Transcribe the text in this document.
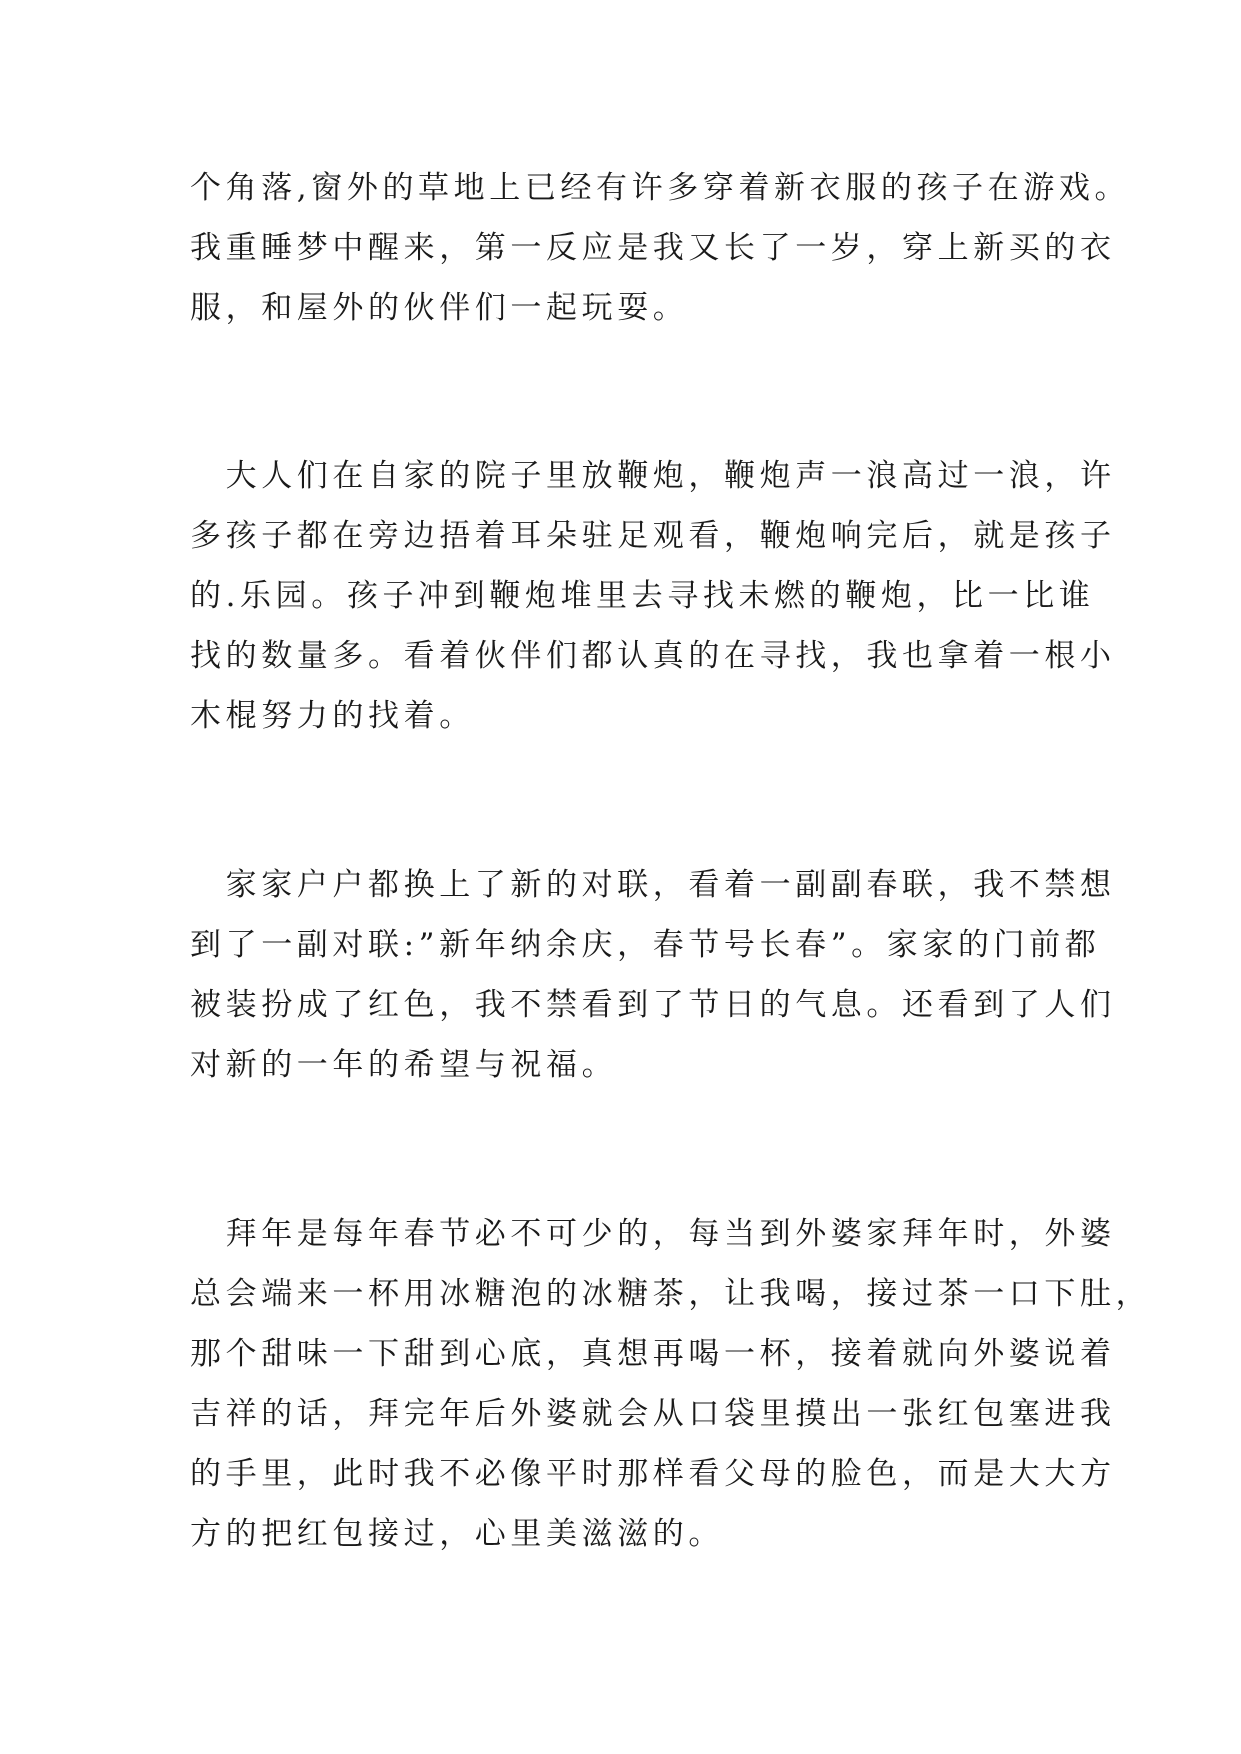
个角落,窗外的草地上已经有许多穿着新衣服的孩子在游戏。
我重睡梦中醒来，第一反应是我又长了一岁，穿上新买的衣
服，和屋外的伙伴们一起玩耍。
　大人们在自家的院子里放鞭炮，鞭炮声一浪高过一浪，许
多孩子都在旁边捂着耳朵驻足观看，鞭炮响完后，就是孩子
的.乐园。孩子冲到鞭炮堆里去寻找未燃的鞭炮，比一比谁
找的数量多。看着伙伴们都认真的在寻找，我也拿着一根小
木棍努力的找着。
　家家户户都换上了新的对联，看着一副副春联，我不禁想
到了一副对联:”新年纳余庆，春节号长春”。家家的门前都
被装扮成了红色，我不禁看到了节日的气息。还看到了人们
对新的一年的希望与祝福。
　拜年是每年春节必不可少的，每当到外婆家拜年时，外婆
总会端来一杯用冰糖泡的冰糖茶，让我喝，接过茶一口下肚，
那个甜味一下甜到心底，真想再喝一杯，接着就向外婆说着
吉祥的话，拜完年后外婆就会从口袋里摸出一张红包塞进我
的手里，此时我不必像平时那样看父母的脸色，而是大大方
方的把红包接过，心里美滋滋的。
